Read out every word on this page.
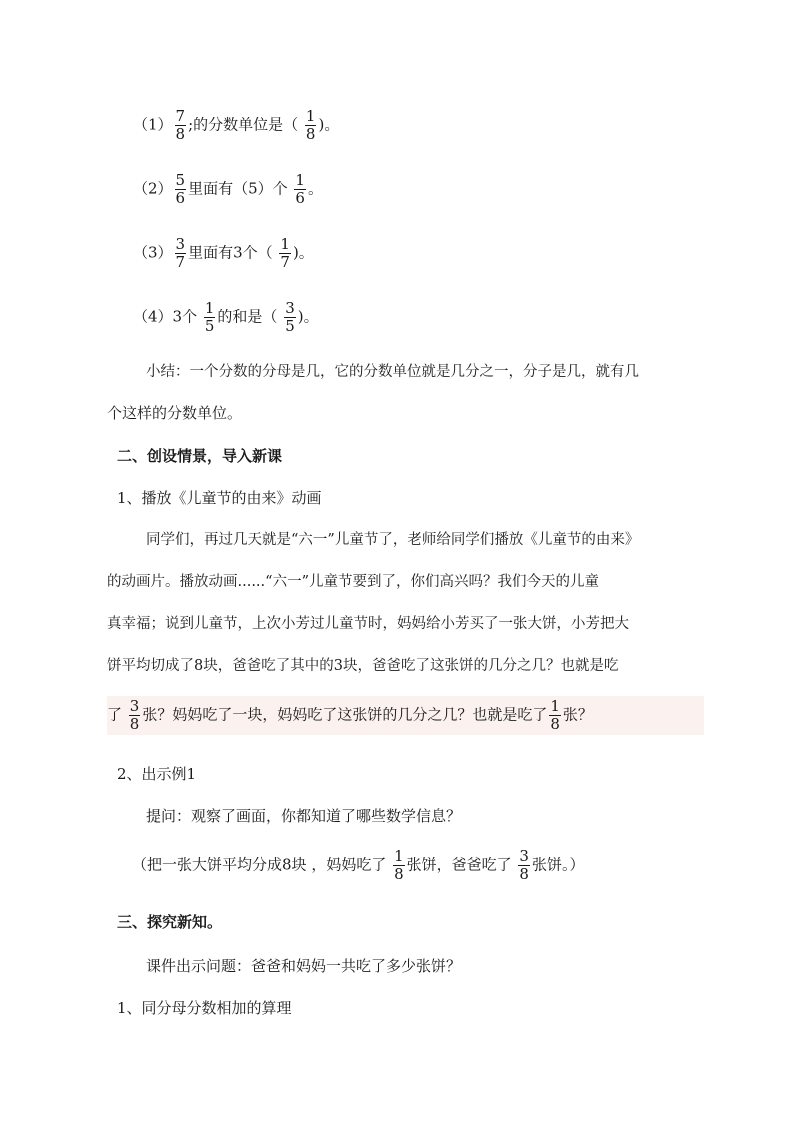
$(1) \frac{7}{8}$ ;的分数单位是（ $\frac{1}{8}$ )。
$(2) \frac{5}{6}$ 里面有（5）个 $\frac{1}{6}$ 。
$(3) \frac{3}{7}$ 里面有3个（ $\frac{1}{7}$ )。
（4）3个 $\frac{1}{5}$ 的和是（ $\frac{3}{5}$ )。
小结：一个分数的分母是几，它的分数单位就是几分之一，分子是几，就有几
个这样的分数单位。
二、创设情景，导入新课
1、播放《儿童节的由来》动画
同学们，再过几天就是“六一”儿童节了，老师给同学们播放《儿童节的由来》
的动画片。播放动画......“六一”儿童节要到了，你们高兴吗？我们今天的儿童
真幸福；说到儿童节，上次小芳过儿童节时，妈妈给小芳买了一张大饼，小芳把大
饼平均切成了8块，爸爸吃了其中的3块，爸爸吃了这张饼的几分之几？也就是吃
了 $\frac{3}{8}$ 张？妈妈吃了一块，妈妈吃了这张饼的几分之几？也就是吃了 $\frac{1}{8}$ 张？
2、出示例1
提问：观察了画面，你都知道了哪些数学信息？
（把一张大饼平均分成8块 ，妈妈吃了 $\frac{1}{8}$ 张饼，爸爸吃了 $\frac{3}{8}$ 张饼。）
三、探究新知。
课件出示问题：爸爸和妈妈一共吃了多少张饼？
1、同分母分数相加的算理
